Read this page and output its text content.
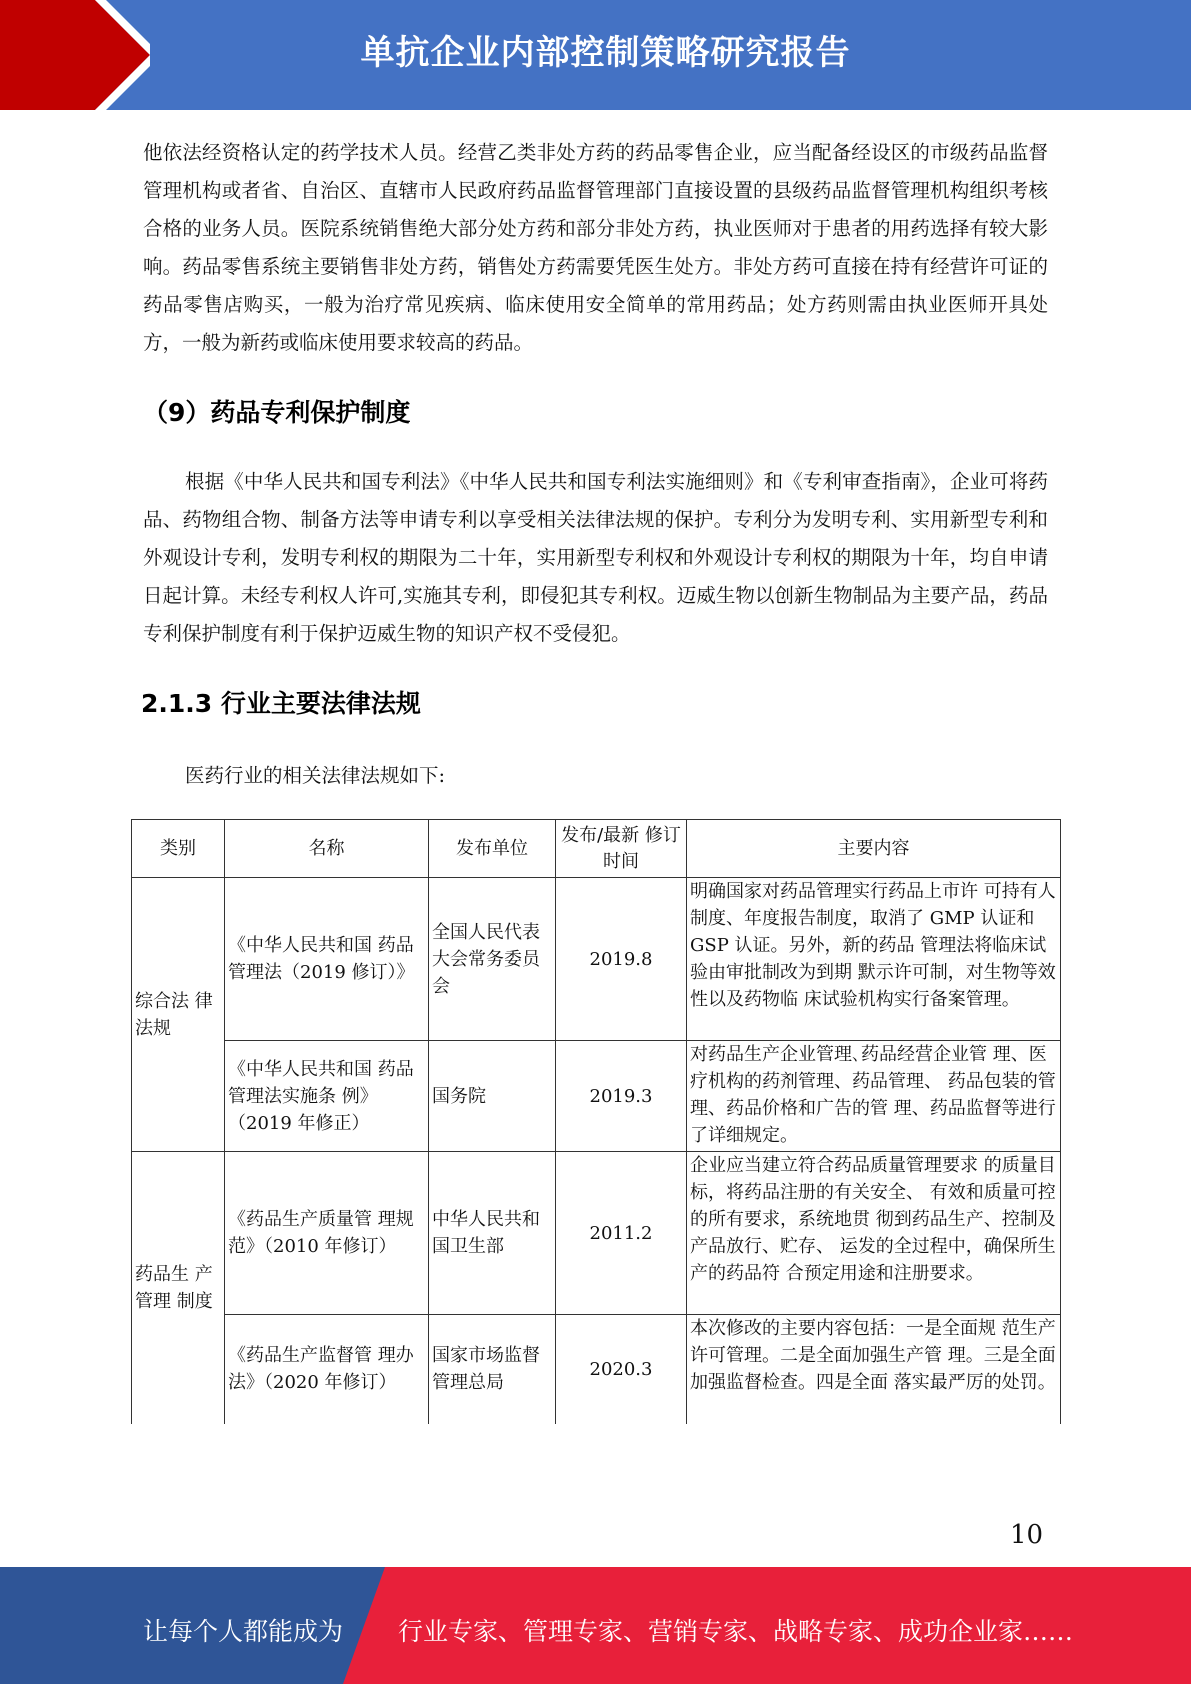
单抗企业内部控制策略研究报告

他依法经资格认定的药学技术人员。经营乙类非处方药的药品零售企业，应当配备经设区的市级药品监督管理机构或者省、自治区、直辖市人民政府药品监督管理部门直接设置的县级药品监督管理机构组织考核合格的业务人员。医院系统销售绝大部分处方药和部分非处方药，执业医师对于患者的用药选择有较大影响。药品零售系统主要销售非处方药，销售处方药需要凭医生处方。非处方药可直接在持有经营许可证的药品零售店购买，一般为治疗常见疾病、临床使用安全简单的常用药品；处方药则需由执业医师开具处方，一般为新药或临床使用要求较高的药品。

（9）药品专利保护制度

根据《中华人民共和国专利法》《中华人民共和国专利法实施细则》和《专利审查指南》，企业可将药品、药物组合物、制备方法等申请专利以享受相关法律法规的保护。专利分为发明专利、实用新型专利和外观设计专利，发明专利权的期限为二十年，实用新型专利权和外观设计专利权的期限为十年，均自申请日起计算。未经专利权人许可,实施其专利，即侵犯其专利权。迈威生物以创新生物制品为主要产品，药品专利保护制度有利于保护迈威生物的知识产权不受侵犯。

2.1.3 行业主要法律法规

医药行业的相关法律法规如下:

类别	名称	发布单位	发布/最新 修订时间	主要内容
综合法 律法规	《中华人民共和国 药品管理法（2019 修订）》	全国人民代表大会常务委员会	2019.8	明确国家对药品管理实行药品上市许 可持有人制度、年度报告制度，取消了 GMP 认证和 GSP 认证。另外，新的药品 管理法将临床试验由审批制改为到期 默示许可制，对生物等效性以及药物临 床试验机构实行备案管理。
	《中华人民共和国 药品管理法实施条 例》（2019 年修正）	国务院	2019.3	对药品生产企业管理､药品经营企业管 理、医疗机构的药剂管理、药品管理、 药品包装的管理、药品价格和广告的管 理、药品监督等进行了详细规定。
药品生 产管理 制度	《药品生产质量管 理规范》（2010 年修订）	中华人民共和国卫生部	2011.2	企业应当建立符合药品质量管理要求 的质量目标，将药品注册的有关安全、 有效和质量可控的所有要求，系统地贯 彻到药品生产、控制及产品放行、贮存、 运发的全过程中，确保所生产的药品符 合预定用途和注册要求。
	《药品生产监督管 理办法》（2020 年修订）	国家市场监督管理总局	2020.3	本次修改的主要内容包括：一是全面规 范生产许可管理。二是全面加强生产管 理。三是全面加强监督检查。四是全面 落实最严厉的处罚。
10
让每个人都能成为 行业专家、管理专家、营销专家、战略专家、成功企业家……
